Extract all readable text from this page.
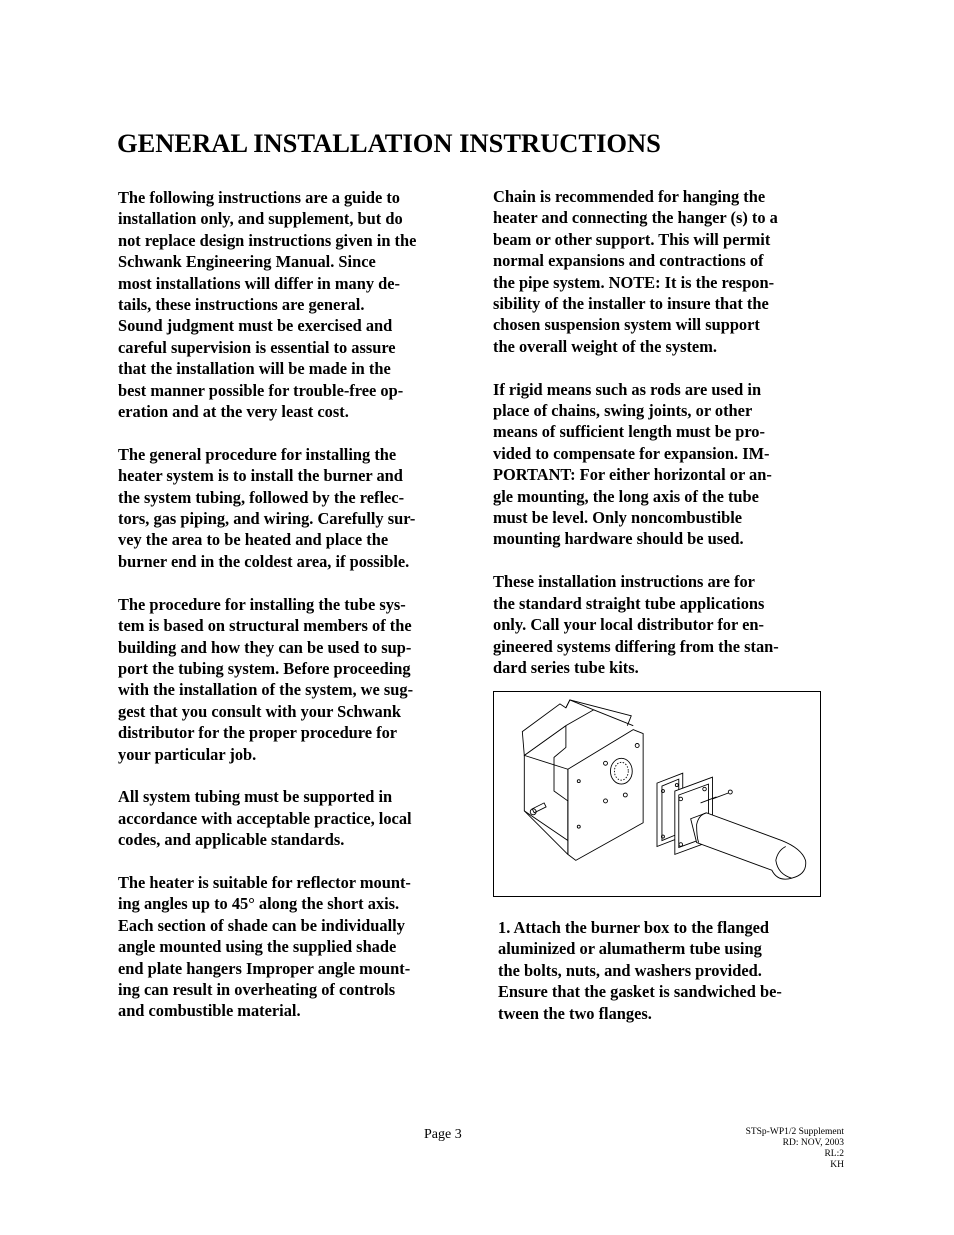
GENERAL INSTALLATION INSTRUCTIONS

The following instructions are a guide to
installation only, and supplement, but do
not replace design instructions given in the
Schwank Engineering Manual. Since
most installations will differ in many de-
tails, these instructions are general.
Sound judgment must be exercised and
careful supervision is essential to assure
that the installation will be made in the
best manner possible for trouble-free op-
eration and at the very least cost.

The general procedure for installing the
heater system is to install the burner and
the system tubing, followed by the reflec-
tors, gas piping, and wiring. Carefully sur-
vey the area to be heated and place the
burner end in the coldest area, if possible.

The procedure for installing the tube sys-
tem is based on structural members of the
building and how they can be used to sup-
port the tubing system. Before proceeding
with the installation of the system, we sug-
gest that you consult with your Schwank
distributor for the proper procedure for
your particular job.

All system tubing must be supported in
accordance with acceptable practice, local
codes, and applicable standards.

The heater is suitable for reflector mount-
ing angles up to 45° along the short axis.
Each section of shade can be individually
angle mounted using the supplied shade
end plate hangers Improper angle mount-
ing can result in overheating of controls
and combustible material.

Chain is recommended for hanging the
heater and connecting the hanger (s) to a
beam or other support. This will permit
normal expansions and contractions of
the pipe system. NOTE: It is the respon-
sibility of the installer to insure that the
chosen suspension system will support
the overall weight of the system.

If rigid means such as rods are used in
place of chains, swing joints, or other
means of sufficient length must be pro-
vided to compensate for expansion. IM-
PORTANT: For either horizontal or an-
gle mounting, the long axis of the tube
must be level. Only noncombustible
mounting hardware should be used.

These installation instructions are for
the standard straight tube applications
only. Call your local distributor for en-
gineered systems differing from the stan-
dard series tube kits.

1. Attach the burner box to the flanged
aluminized or alumatherm tube using
the bolts, nuts, and washers provided.
Ensure that the gasket is sandwiched be-
tween the two flanges.

Page 3	STSp-WP1/2 Supplement
RD: NOV, 2003
RL:2
KH
